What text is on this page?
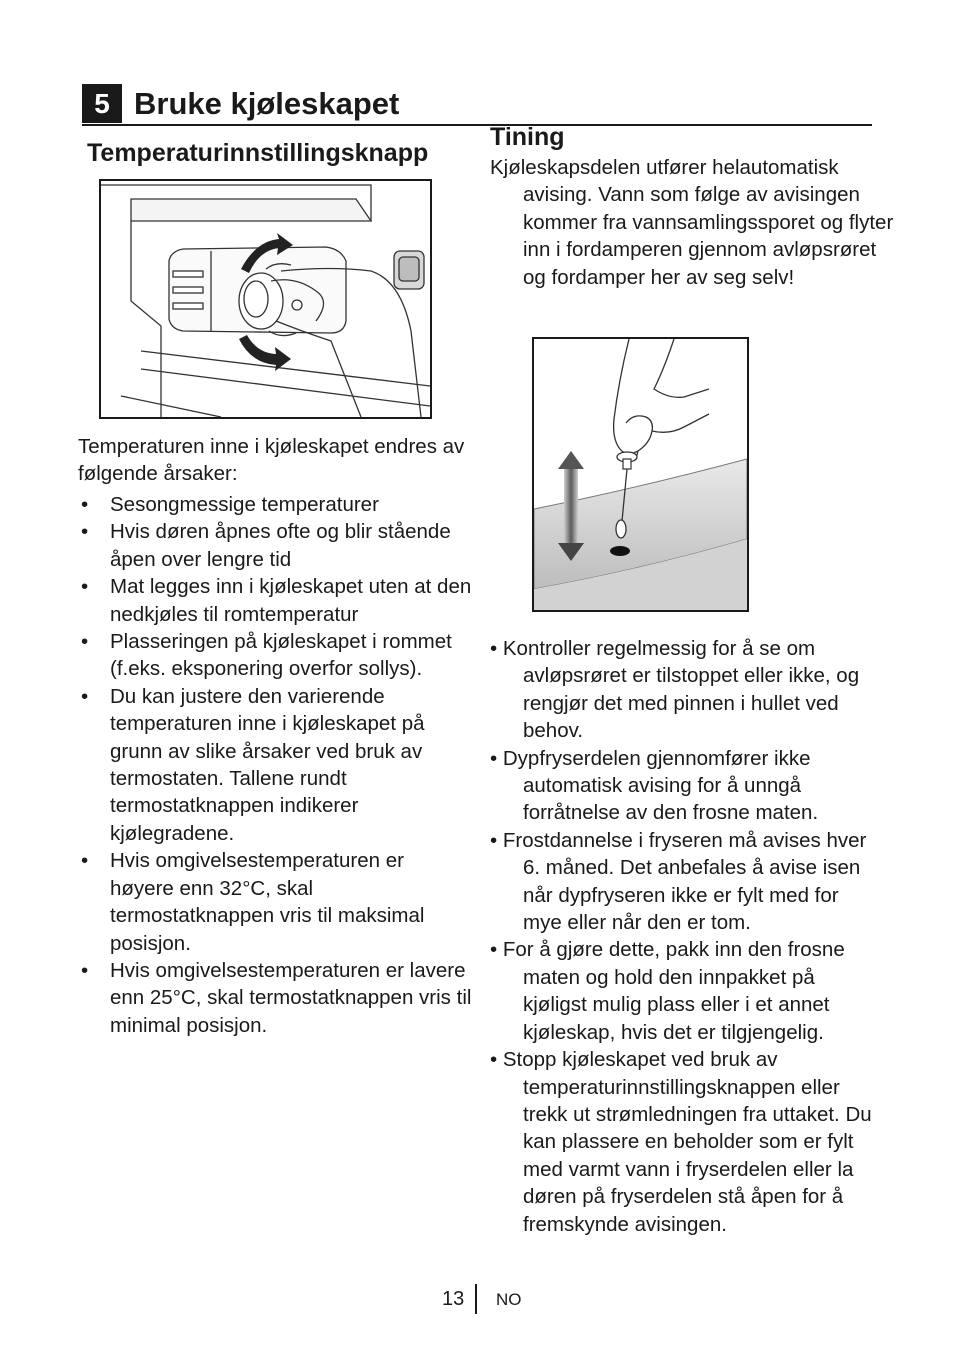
5 Bruke kjøleskapet
Temperaturinnstillingsknapp

Temperaturen inne i kjøleskapet endres av følgende årsaker:

• Sesongmessige temperaturer
• Hvis døren åpnes ofte og blir stående åpen over lengre tid
• Mat legges inn i kjøleskapet uten at den nedkjøles til romtemperatur
• Plasseringen på kjøleskapet i rommet (f.eks. eksponering overfor sollys).
• Du kan justere den varierende temperaturen inne i kjøleskapet på grunn av slike årsaker ved bruk av termostaten. Tallene rundt termostatknappen indikerer kjølegradene.
• Hvis omgivelsestemperaturen er høyere enn 32°C, skal termostatknappen vris til maksimal posisjon.
• Hvis omgivelsestemperaturen er lavere enn 25°C, skal termostatknappen vris til minimal posisjon.
Tining

Kjøleskapsdelen utfører helautomatisk avising. Vann som følge av avisingen kommer fra vannsamlingssporet og flyter inn i fordamperen gjennom avløpsrøret og fordamper her av seg selv!

• Kontroller regelmessig for å se om avløpsrøret er tilstoppet eller ikke, og rengjør det med pinnen i hullet ved behov.
• Dypfryserdelen gjennomfører ikke automatisk avising for å unngå forråtnelse av den frosne maten.
• Frostdannelse i fryseren må avises hver 6. måned. Det anbefales å avise isen når dypfryseren ikke er fylt med for mye eller når den er tom.
• For å gjøre dette, pakk inn den frosne maten og hold den innpakket på kjøligst mulig plass eller i et annet kjøleskap, hvis det er tilgjengelig.
• Stopp kjøleskapet ved bruk av temperaturinnstillingsknappen eller trekk ut strømledningen fra uttaket. Du kan plassere en beholder som er fylt med varmt vann i fryserdelen eller la døren på fryserdelen stå åpen for å fremskynde avisingen.
13 NO
